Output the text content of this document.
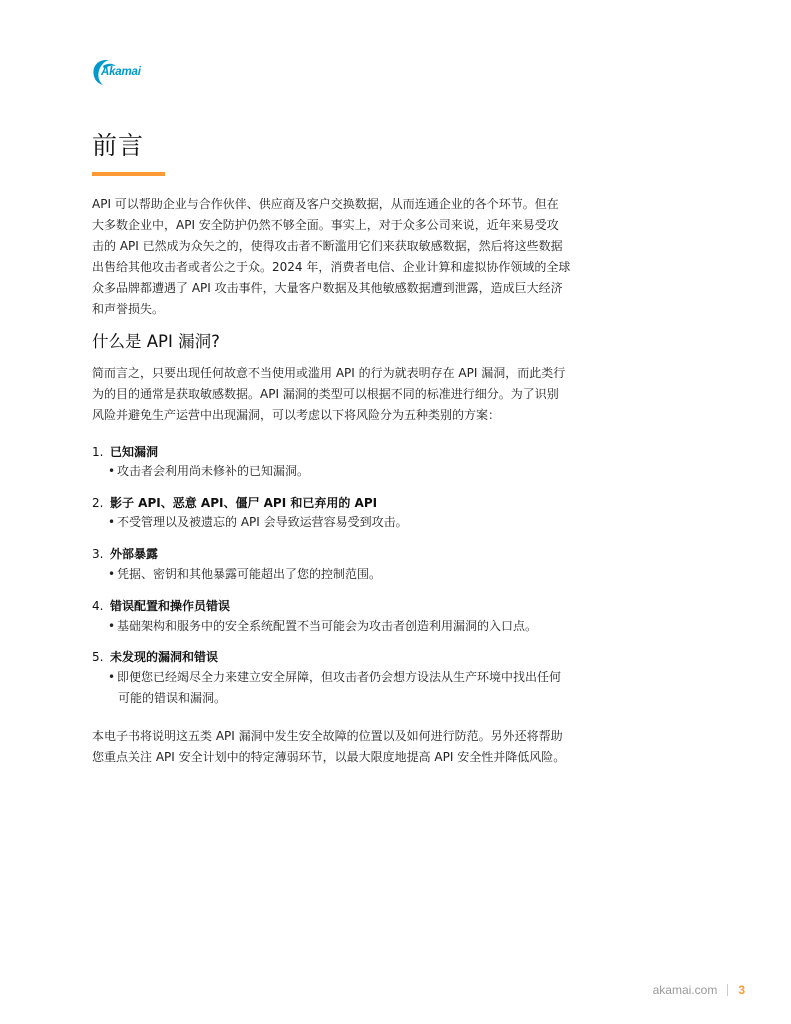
Akamai
前言
API 可以帮助企业与合作伙伴、供应商及客户交换数据，从而连通企业的各个环节。但在
大多数企业中，API 安全防护仍然不够全面。事实上，对于众多公司来说，近年来易受攻
击的 API 已然成为众矢之的，使得攻击者不断滥用它们来获取敏感数据，然后将这些数据
出售给其他攻击者或者公之于众。2024 年，消费者电信、企业计算和虚拟协作领域的全球
众多品牌都遭遇了 API 攻击事件，大量客户数据及其他敏感数据遭到泄露，造成巨大经济
和声誉损失。
什么是 API 漏洞?
简而言之，只要出现任何故意不当使用或滥用 API 的行为就表明存在 API 漏洞，而此类行
为的目的通常是获取敏感数据。API 漏洞的类型可以根据不同的标准进行细分。为了识别
风险并避免生产运营中出现漏洞，可以考虑以下将风险分为五种类别的方案：
1. 已知漏洞
• 攻击者会利用尚未修补的已知漏洞。
2. 影子 API、恶意 API、僵尸 API 和已弃用的 API
• 不受管理以及被遗忘的 API 会导致运营容易受到攻击。
3. 外部暴露
• 凭据、密钥和其他暴露可能超出了您的控制范围。
4. 错误配置和操作员错误
• 基础架构和服务中的安全系统配置不当可能会为攻击者创造利用漏洞的入口点。
5. 未发现的漏洞和错误
• 即便您已经竭尽全力来建立安全屏障，但攻击者仍会想方设法从生产环境中找出任何
可能的错误和漏洞。
本电子书将说明这五类 API 漏洞中发生安全故障的位置以及如何进行防范。另外还将帮助
您重点关注 API 安全计划中的特定薄弱环节，以最大限度地提高 API 安全性并降低风险。
akamai.com 3
